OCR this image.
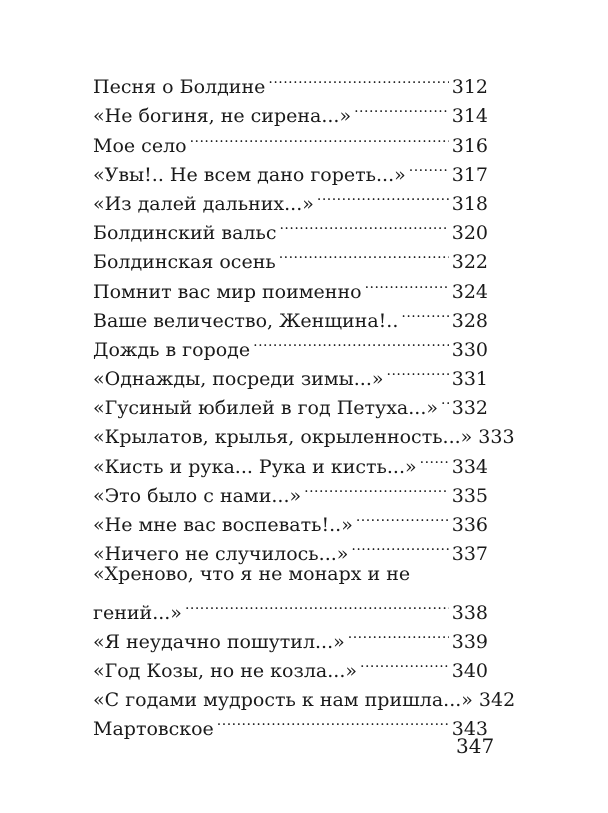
Песня о Болдине .....	312
«Не богиня, не сирена...» .....	314
Мое село .....	316
«Увы!.. Не всем дано гореть...» ..... 317
«Из далей дальних...» .....	318
Болдинский вальс .....	320
Болдинская осень .....	322
Помнит вас мир поименно .....	324
Ваше величество, Женщина!.. .....	328
Дождь в городе .....	330
«Однажды, посреди зимы...» .....	331
«Гусиный юбилей в год Петуха...» ..... 332
«Крылатов, крылья, окрыленность...» 333
«Кисть и рука... Рука и кисть...» ..... 334
«Это было с нами...» .....	335
«Не мне вас воспевать!..» .....	336
«Ничего не случилось...» .....	337
«Хреново, что я не монарх и не
гений...» .....	338
«Я неудачно пошутил...» .....	339
«Год Козы, но не козла...» .....	340
«С годами мудрость к нам пришла...» 342
Мартовское .....	343
347
